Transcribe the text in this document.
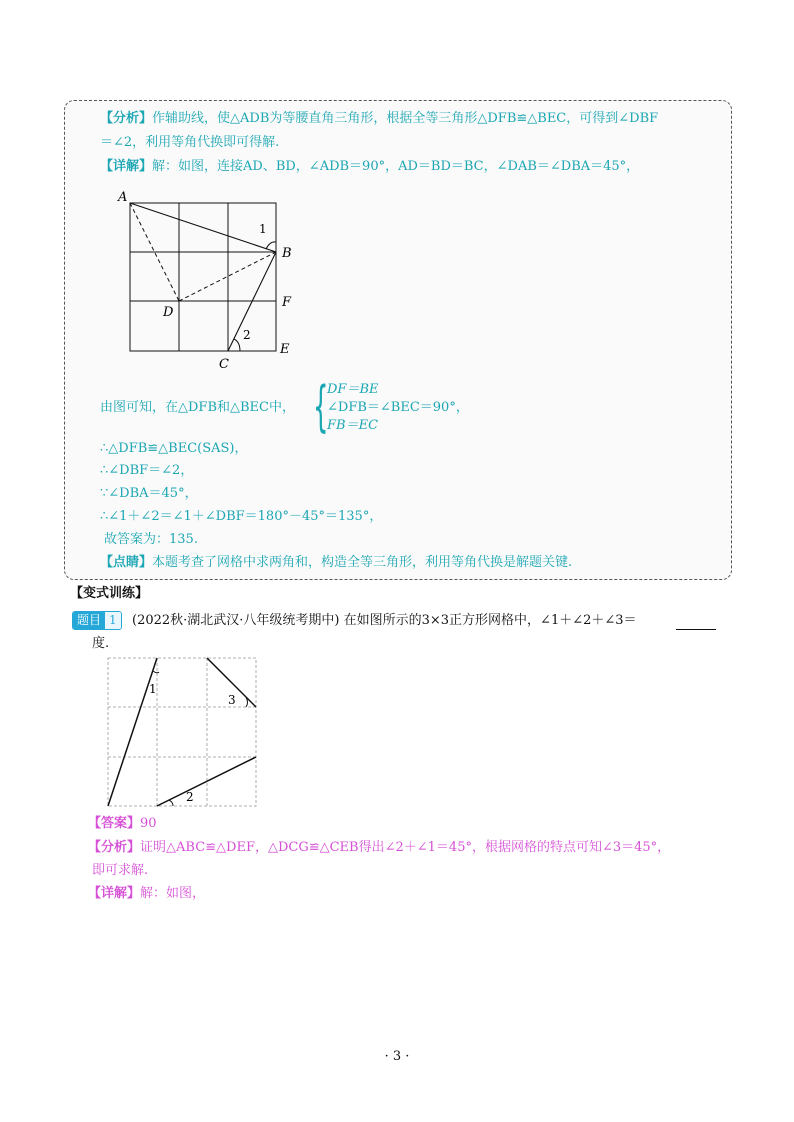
【分析】作辅助线，使△ADB为等腰直角三角形，根据全等三角形△DFB≌△BEC，可得到∠DBF
＝∠2，利用等角代换即可得解.
【详解】解：如图，连接AD、BD，∠ADB＝90°，AD＝BD＝BC，∠DAB＝∠DBA＝45°，
A
B
F
E
C
D
1
2
由图可知，在△DFB和△BEC中， {
DF＝BE
∠DFB＝∠BEC＝90°，
FB＝EC
∴△DFB≌△BEC(SAS)，
∴∠DBF＝∠2，
∵∠DBA＝45°，
∴∠1＋∠2＝∠1＋∠DBF＝180°－45°＝135°，
故答案为：135.
【点睛】本题考查了网格中求两角和，构造全等三角形，利用等角代换是解题关键.
【变式训练】
题目 1	(2022秋·湖北武汉·八年级统考期中) 在如图所示的3×3正方形网格中，∠1＋∠2＋∠3＝
度.
1
2
3
【答案】90
【分析】证明△ABC≌△DEF，△DCG≌△CEB得出∠2＋∠1＝45°，根据网格的特点可知∠3＝45°，
即可求解.
【详解】解：如图，
· 3 ·
